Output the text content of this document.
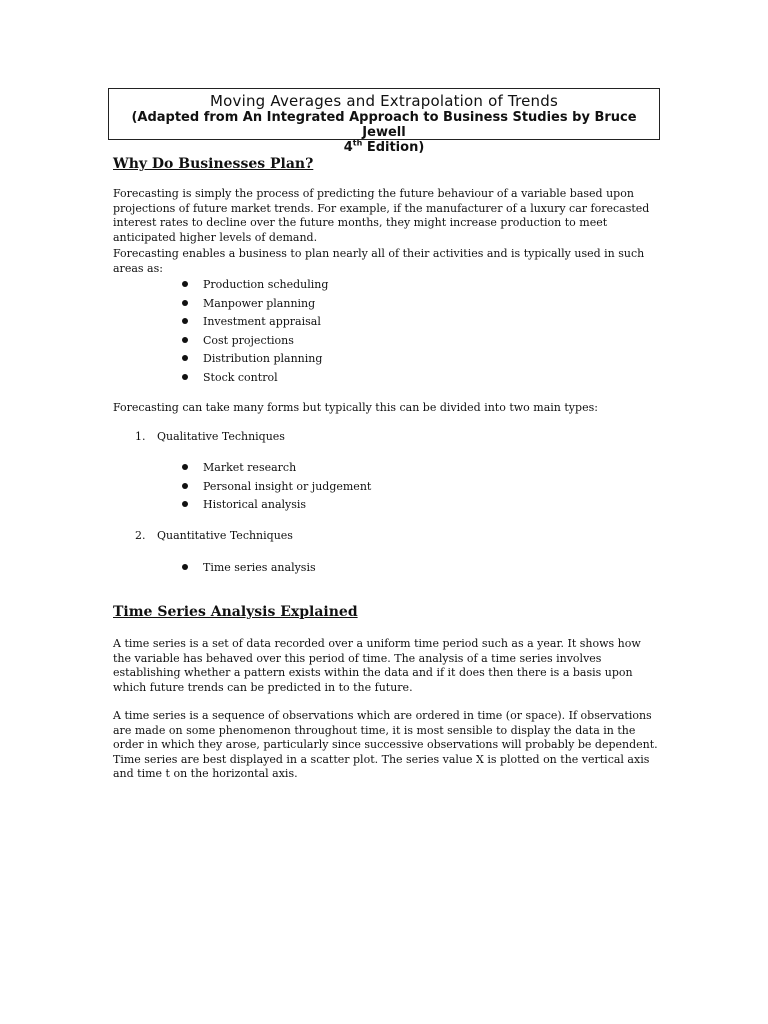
Moving Averages and Extrapolation of Trends
(Adapted from An Integrated Approach to Business Studies by Bruce Jewell
4th Edition)
Why Do Businesses Plan?

Forecasting is simply the process of predicting the future behaviour of a variable based upon projections of future market trends. For example, if the manufacturer of a luxury car forecasted interest rates to decline over the future months, they might increase production to meet anticipated higher levels of demand.

Forecasting enables a business to plan nearly all of their activities and is typically used in such areas as:

Production scheduling
Manpower planning
Investment appraisal
Cost projections
Distribution planning
Stock control

Forecasting can take many forms but typically this can be divided into two main types:

1. Qualitative Techniques
Market research
Personal insight or judgement
Historical analysis
2. Quantitative Techniques
Time series analysis
Time Series Analysis Explained

A time series is a set of data recorded over a uniform time period such as a year. It shows how the variable has behaved over this period of time. The analysis of a time series involves establishing whether a pattern exists within the data and if it does then there is a basis upon which future trends can be predicted in to the future.

A time series is a sequence of observations which are ordered in time (or space). If observations are made on some phenomenon throughout time, it is most sensible to display the data in the order in which they arose, particularly since successive observations will probably be dependent. Time series are best displayed in a scatter plot. The series value X is plotted on the vertical axis and time t on the horizontal axis.
